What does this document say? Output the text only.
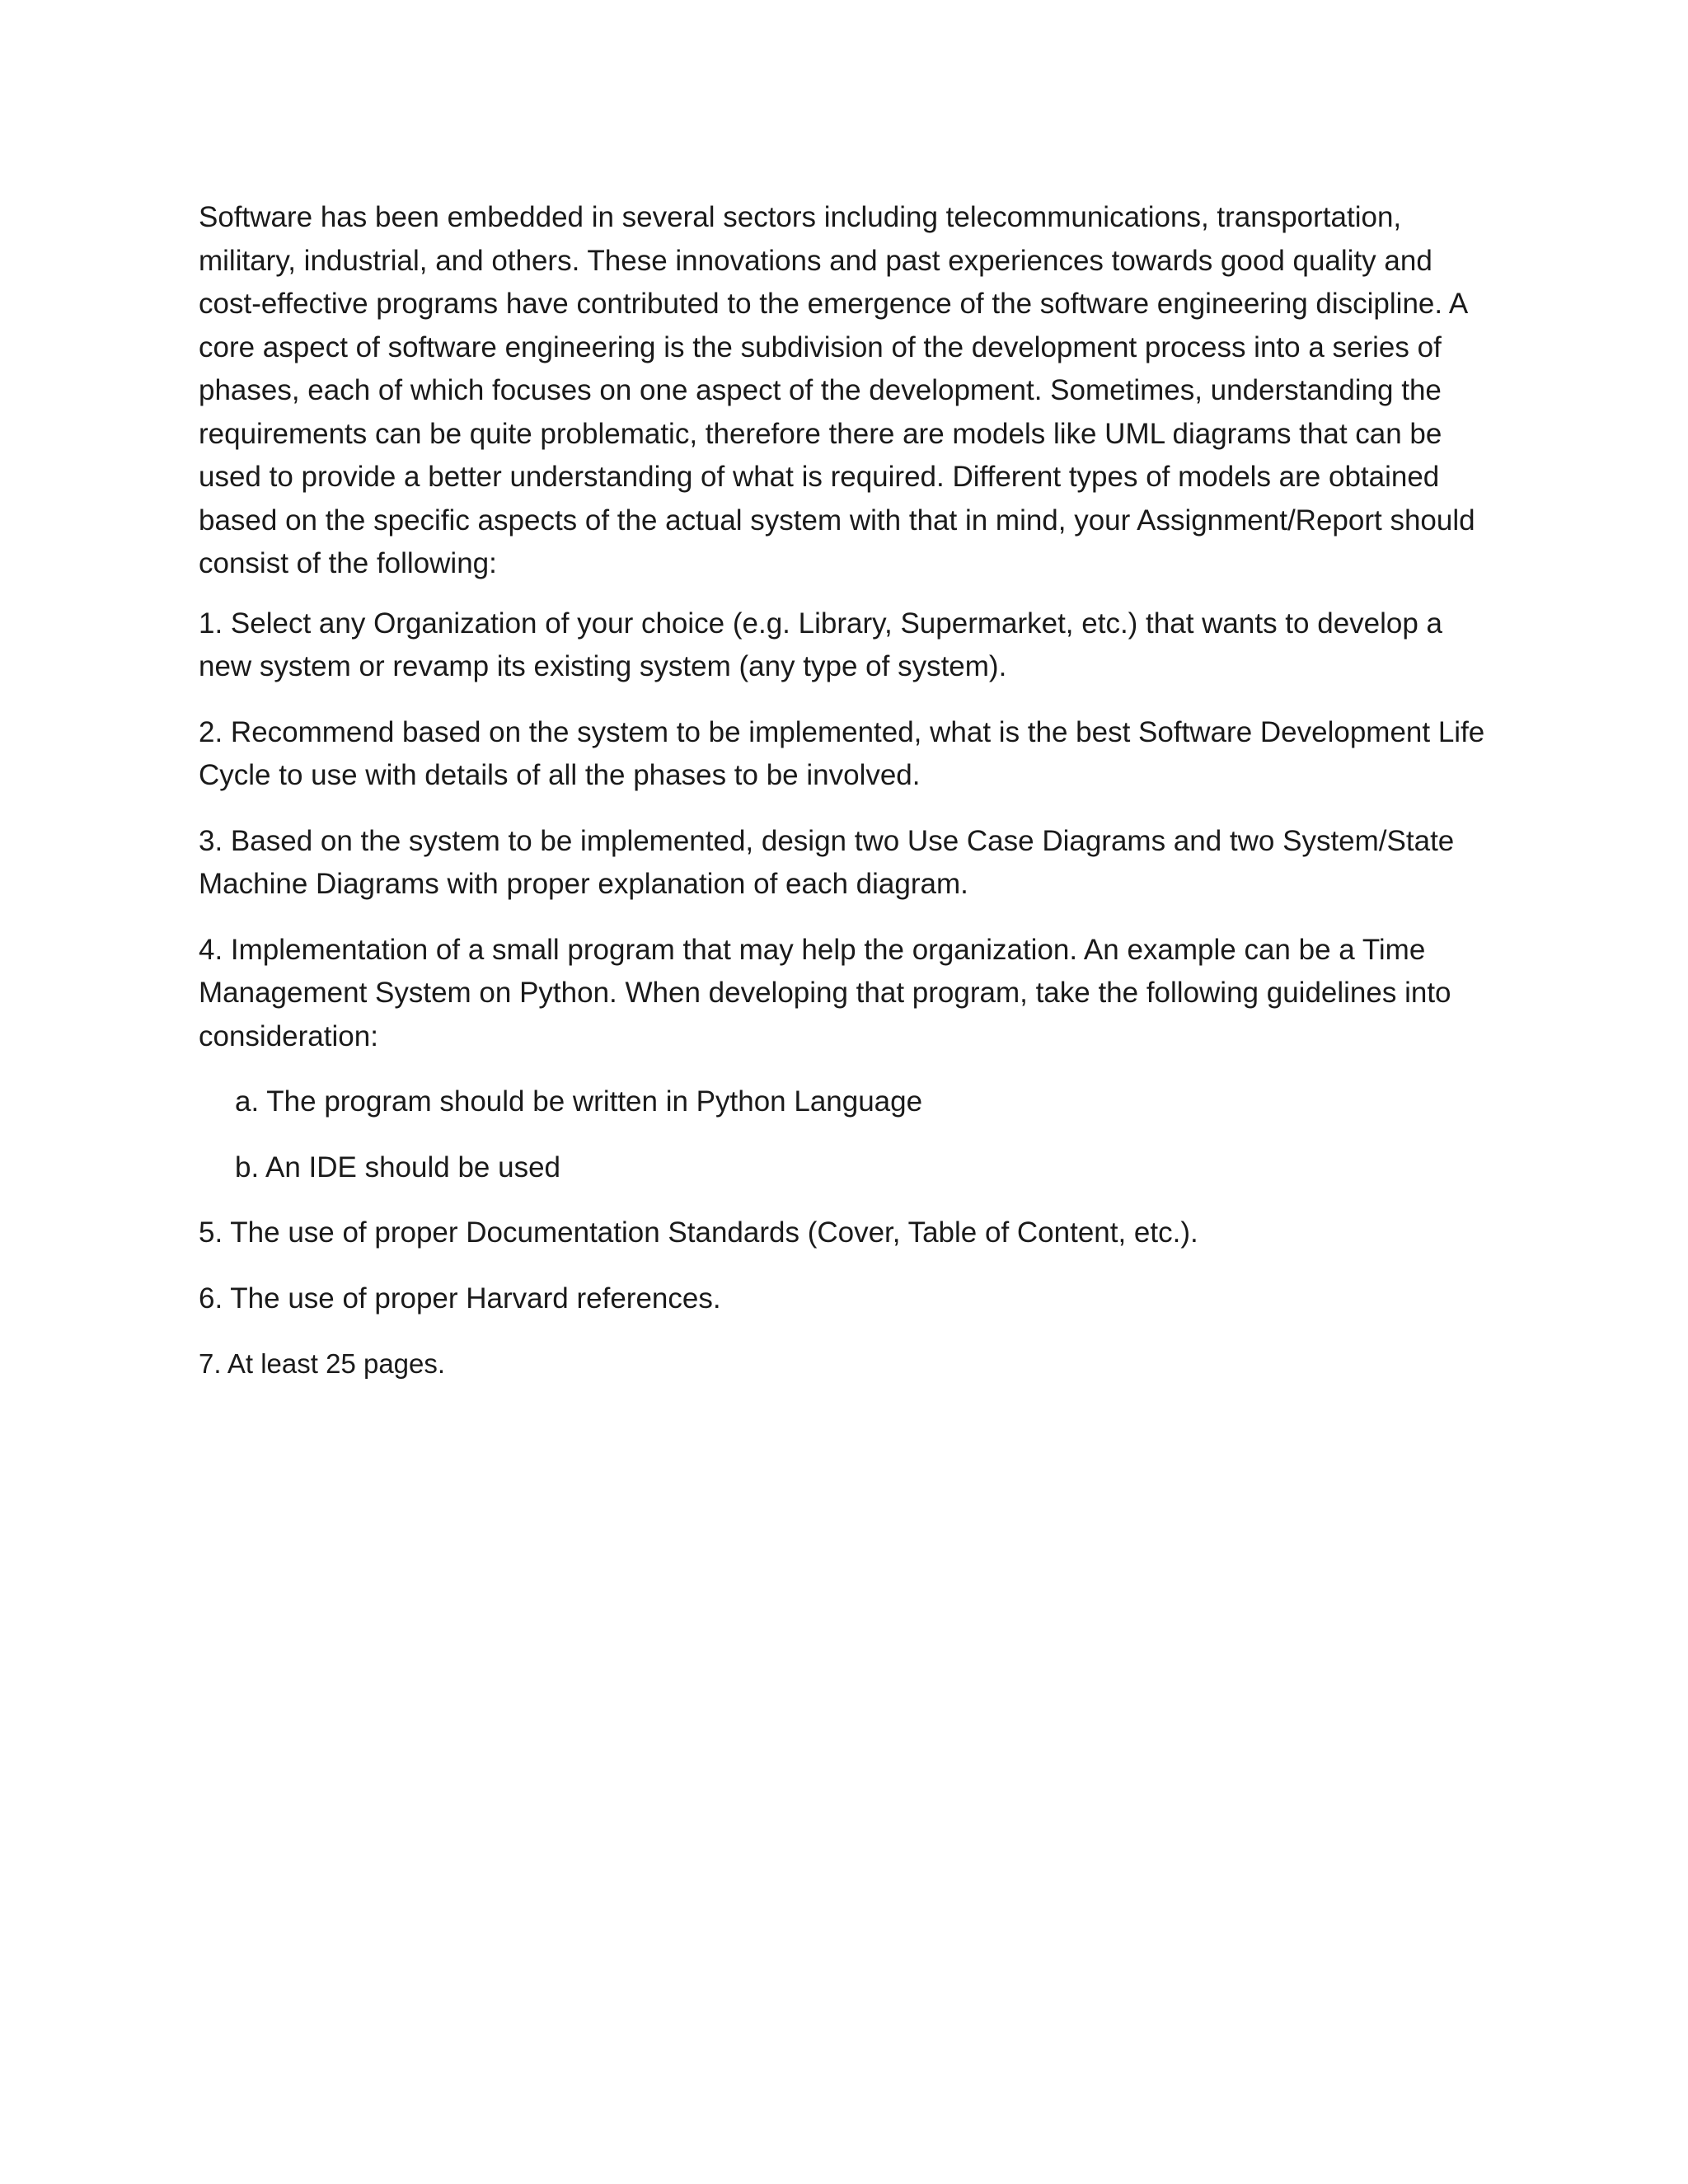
Software has been embedded in several sectors including telecommunications, transportation, military, industrial, and others. These innovations and past experiences towards good quality and cost-effective programs have contributed to the emergence of the software engineering discipline. A core aspect of software engineering is the subdivision of the development process into a series of phases, each of which focuses on one aspect of the development. Sometimes, understanding the requirements can be quite problematic, therefore there are models like UML diagrams that can be used to provide a better understanding of what is required. Different types of models are obtained based on the specific aspects of the actual system with that in mind, your Assignment/Report should consist of the following:

1. Select any Organization of your choice (e.g. Library, Supermarket, etc.) that wants to develop a new system or revamp its existing system (any type of system).

2. Recommend based on the system to be implemented, what is the best Software Development Life Cycle to use with details of all the phases to be involved.

3. Based on the system to be implemented, design two Use Case Diagrams and two System/State Machine Diagrams with proper explanation of each diagram.

4. Implementation of a small program that may help the organization. An example can be a Time Management System on Python. When developing that program, take the following guidelines into consideration:

a. The program should be written in Python Language

b. An IDE should be used

5. The use of proper Documentation Standards (Cover, Table of Content, etc.).

6. The use of proper Harvard references.

7. At least 25 pages.
